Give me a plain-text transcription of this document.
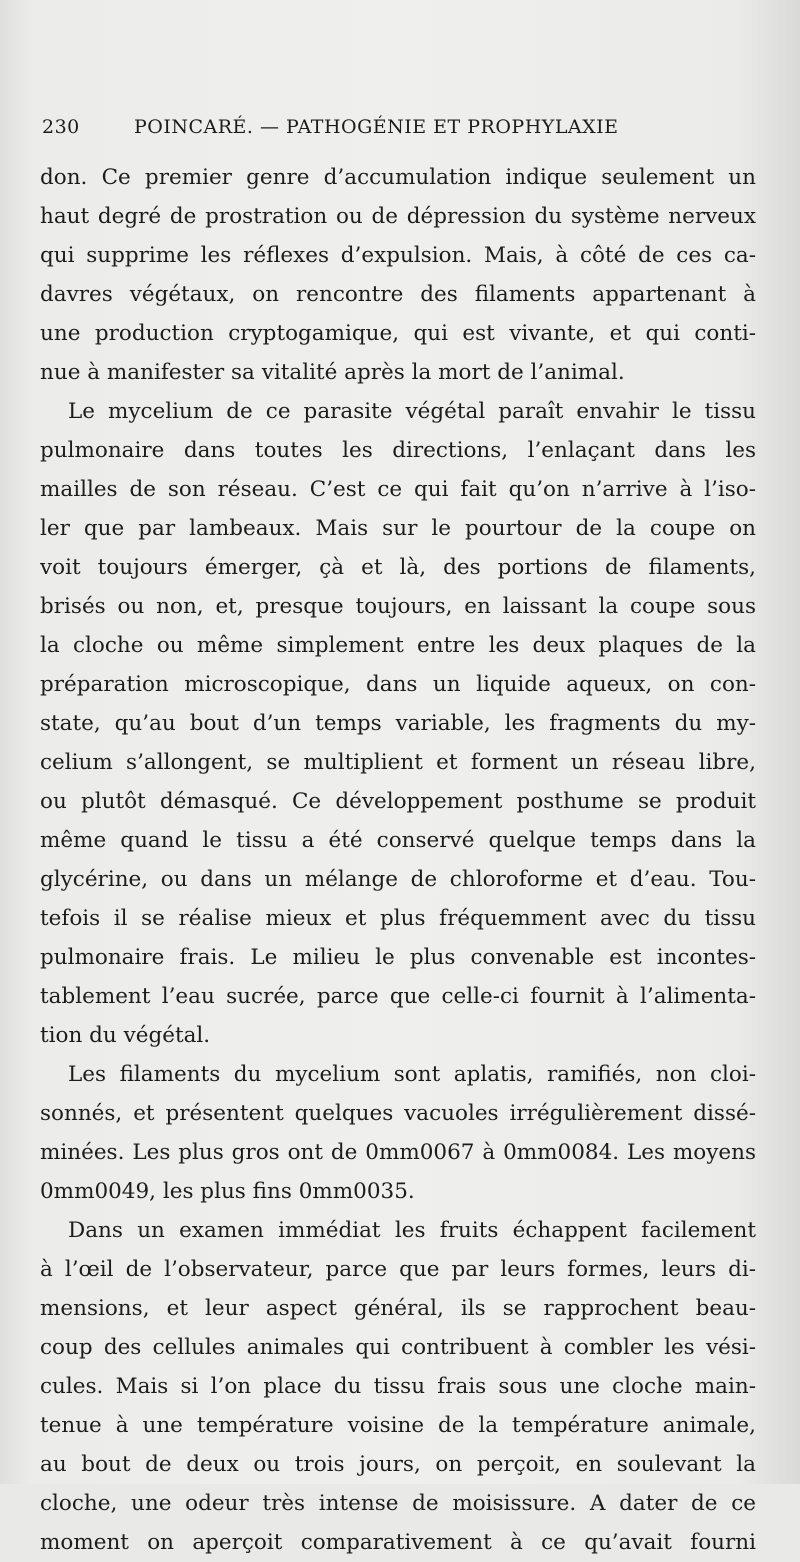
230	POINCARÉ. — PATHOGÉNIE ET PROPHYLAXIE
don. Ce premier genre d’accumulation indique seulement un
haut degré de prostration ou de dépression du système nerveux
qui supprime les réflexes d’expulsion. Mais, à côté de ces ca-
davres végétaux, on rencontre des filaments appartenant à
une production cryptogamique, qui est vivante, et qui conti-
nue à manifester sa vitalité après la mort de l’animal.
Le mycelium de ce parasite végétal paraît envahir le tissu
pulmonaire dans toutes les directions, l’enlaçant dans les
mailles de son réseau. C’est ce qui fait qu’on n’arrive à l’iso-
ler que par lambeaux. Mais sur le pourtour de la coupe on
voit toujours émerger, çà et là, des portions de filaments,
brisés ou non, et, presque toujours, en laissant la coupe sous
la cloche ou même simplement entre les deux plaques de la
préparation microscopique, dans un liquide aqueux, on con-
state, qu’au bout d’un temps variable, les fragments du my-
celium s’allongent, se multiplient et forment un réseau libre,
ou plutôt démasqué. Ce développement posthume se produit
même quand le tissu a été conservé quelque temps dans la
glycérine, ou dans un mélange de chloroforme et d’eau. Tou-
tefois il se réalise mieux et plus fréquemment avec du tissu
pulmonaire frais. Le milieu le plus convenable est incontes-
tablement l’eau sucrée, parce que celle-ci fournit à l’alimenta-
tion du végétal.
Les filaments du mycelium sont aplatis, ramifiés, non cloi-
sonnés, et présentent quelques vacuoles irrégulièrement dissé-
minées. Les plus gros ont de 0mm0067 à 0mm0084. Les moyens
0mm0049, les plus fins 0mm0035.
Dans un examen immédiat les fruits échappent facilement
à l’œil de l’observateur, parce que par leurs formes, leurs di-
mensions, et leur aspect général, ils se rapprochent beau-
coup des cellules animales qui contribuent à combler les vési-
cules. Mais si l’on place du tissu frais sous une cloche main-
tenue à une température voisine de la température animale,
au bout de deux ou trois jours, on perçoit, en soulevant la
cloche, une odeur très intense de moisissure. A dater de ce
moment on aperçoit comparativement à ce qu’avait fourni
